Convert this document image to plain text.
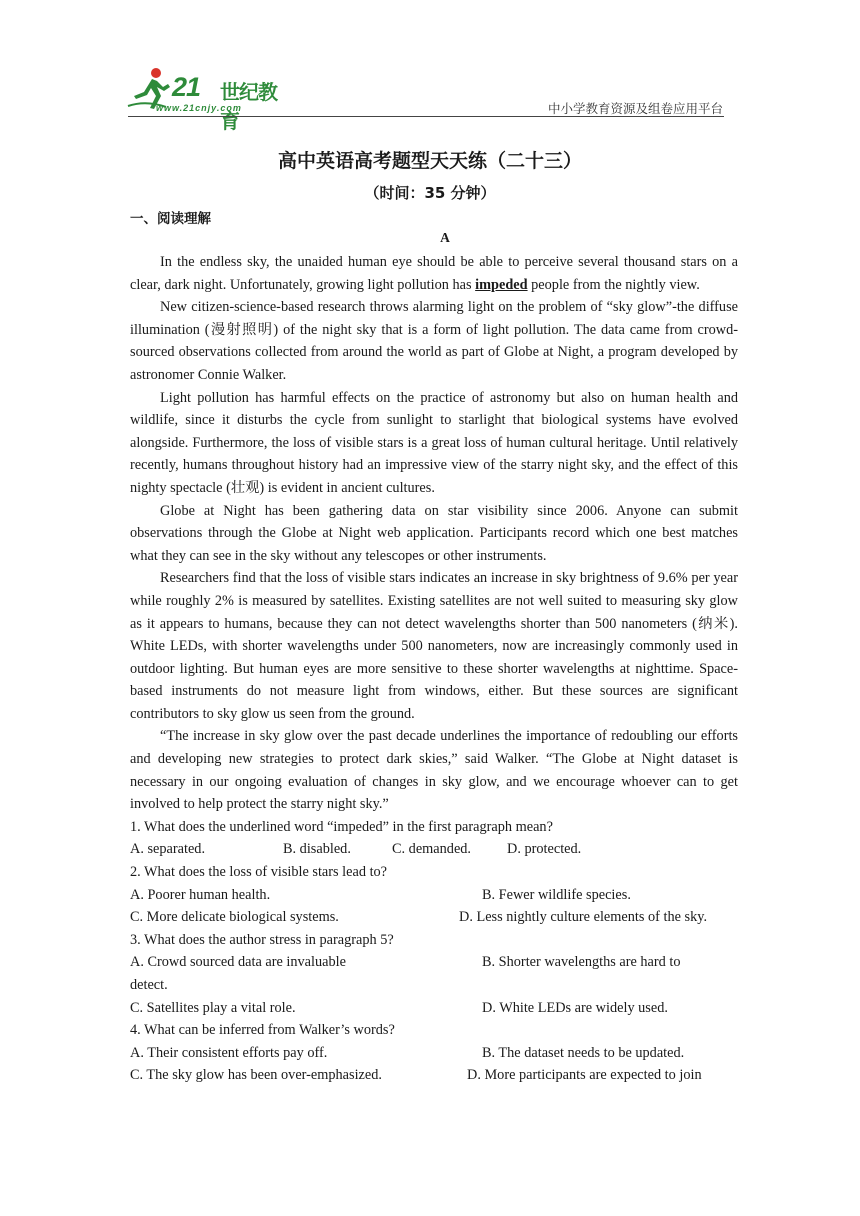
21 世纪教育
www.21cnjy.com	中小学教育资源及组卷应用平台
高中英语高考题型天天练（二十三）
（时间：35 分钟）
一、阅读理解
A

In the endless sky, the unaided human eye should be able to perceive several thousand stars on a clear, dark night. Unfortunately, growing light pollution has impeded people from the nightly view.

New citizen-science-based research throws alarming light on the problem of “sky glow”-the diffuse illumination (漫射照明) of the night sky that is a form of light pollution. The data came from crowd-sourced observations collected from around the world as part of Globe at Night, a program developed by astronomer Connie Walker.

Light pollution has harmful effects on the practice of astronomy but also on human health and wildlife, since it disturbs the cycle from sunlight to starlight that biological systems have evolved alongside. Furthermore, the loss of visible stars is a great loss of human cultural heritage. Until relatively recently, humans throughout history had an impressive view of the starry night sky, and the effect of this nighty spectacle (壮观) is evident in ancient cultures.

Globe at Night has been gathering data on star visibility since 2006. Anyone can submit observations through the Globe at Night web application. Participants record which one best matches what they can see in the sky without any telescopes or other instruments.

Researchers find that the loss of visible stars indicates an increase in sky brightness of 9.6% per year while roughly 2% is measured by satellites. Existing satellites are not well suited to measuring sky glow as it appears to humans, because they can not detect wavelengths shorter than 500 nanometers (纳米). White LEDs, with shorter wavelengths under 500 nanometers, now are increasingly commonly used in outdoor lighting. But human eyes are more sensitive to these shorter wavelengths at nighttime. Space-based instruments do not measure light from windows, either. But these sources are significant contributors to sky glow us seen from the ground.

“The increase in sky glow over the past decade underlines the importance of redoubling our efforts and developing new strategies to protect dark skies,” said Walker. “The Globe at Night dataset is necessary in our ongoing evaluation of changes in sky glow, and we encourage whoever can to get involved to help protect the starry night sky.”

1. What does the underlined word “impeded” in the first paragraph mean?

A. separated.	B. disabled.	C. demanded.	D. protected.

2. What does the loss of visible stars lead to?

A. Poorer human health.	B. Fewer wildlife species.
C. More delicate biological systems.	D. Less nightly culture elements of the sky.

3. What does the author stress in paragraph 5?

A. Crowd sourced data are invaluable	B. Shorter wavelengths are hard to
detect.
C. Satellites play a vital role.	D. White LEDs are widely used.

4. What can be inferred from Walker’s words?

A. Their consistent efforts pay off.	B. The dataset needs to be updated.
C. The sky glow has been over-emphasized.	D. More participants are expected to join
